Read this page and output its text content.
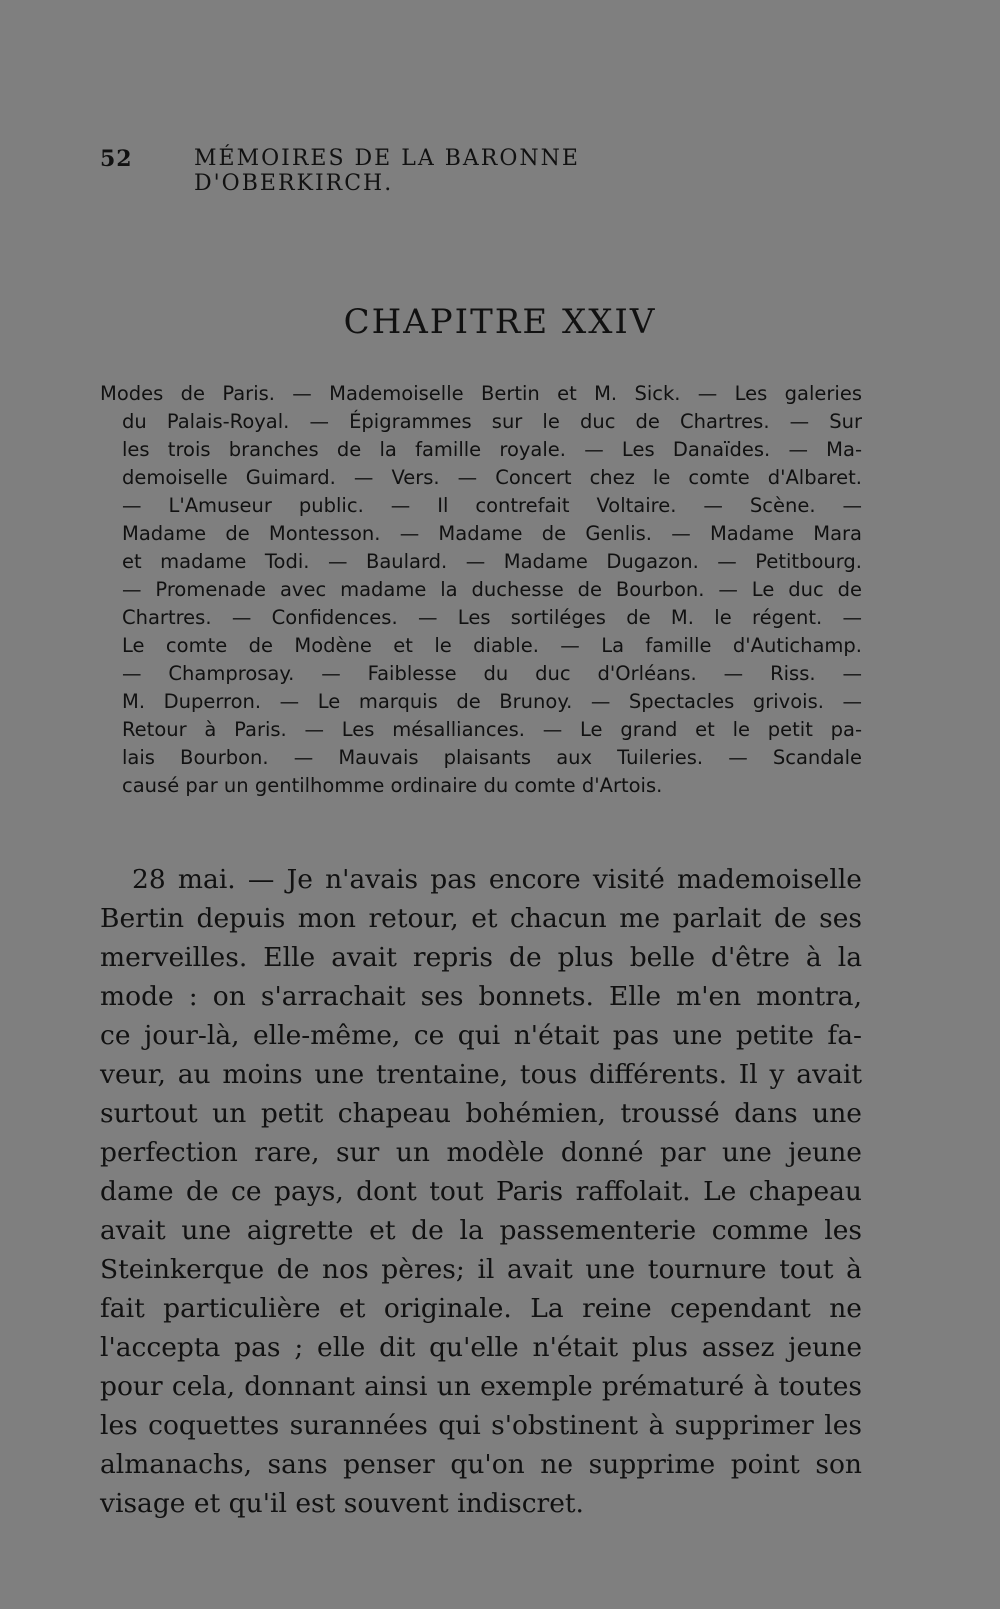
52	MÉMOIRES DE LA BARONNE D'OBERKIRCH.
CHAPITRE XXIV
Modes de Paris. — Mademoiselle Bertin et M. Sick. — Les galeries
du Palais-Royal. — Épigrammes sur le duc de Chartres. — Sur
les trois branches de la famille royale. — Les Danaïdes. — Ma-
demoiselle Guimard. — Vers. — Concert chez le comte d'Albaret.
— L'Amuseur public. — Il contrefait Voltaire. — Scène. —
Madame de Montesson. — Madame de Genlis. — Madame Mara
et madame Todi. — Baulard. — Madame Dugazon. — Petitbourg.
— Promenade avec madame la duchesse de Bourbon. — Le duc de
Chartres. — Confidences. — Les sortiléges de M. le régent. —
Le comte de Modène et le diable. — La famille d'Autichamp.
— Champrosay. — Faiblesse du duc d'Orléans. — Riss. —
M. Duperron. — Le marquis de Brunoy. — Spectacles grivois. —
Retour à Paris. — Les mésalliances. — Le grand et le petit pa-
lais Bourbon. — Mauvais plaisants aux Tuileries. — Scandale
causé par un gentilhomme ordinaire du comte d'Artois.
28 mai. — Je n'avais pas encore visité mademoiselle
Bertin depuis mon retour, et chacun me parlait de ses
merveilles. Elle avait repris de plus belle d'être à la
mode : on s'arrachait ses bonnets. Elle m'en montra,
ce jour-là, elle-même, ce qui n'était pas une petite fa-
veur, au moins une trentaine, tous différents. Il y avait
surtout un petit chapeau bohémien, troussé dans une
perfection rare, sur un modèle donné par une jeune
dame de ce pays, dont tout Paris raffolait. Le chapeau
avait une aigrette et de la passementerie comme les
Steinkerque de nos pères; il avait une tournure tout à
fait particulière et originale. La reine cependant ne
l'accepta pas ; elle dit qu'elle n'était plus assez jeune
pour cela, donnant ainsi un exemple prématuré à toutes
les coquettes surannées qui s'obstinent à supprimer les
almanachs, sans penser qu'on ne supprime point son
visage et qu'il est souvent indiscret.
